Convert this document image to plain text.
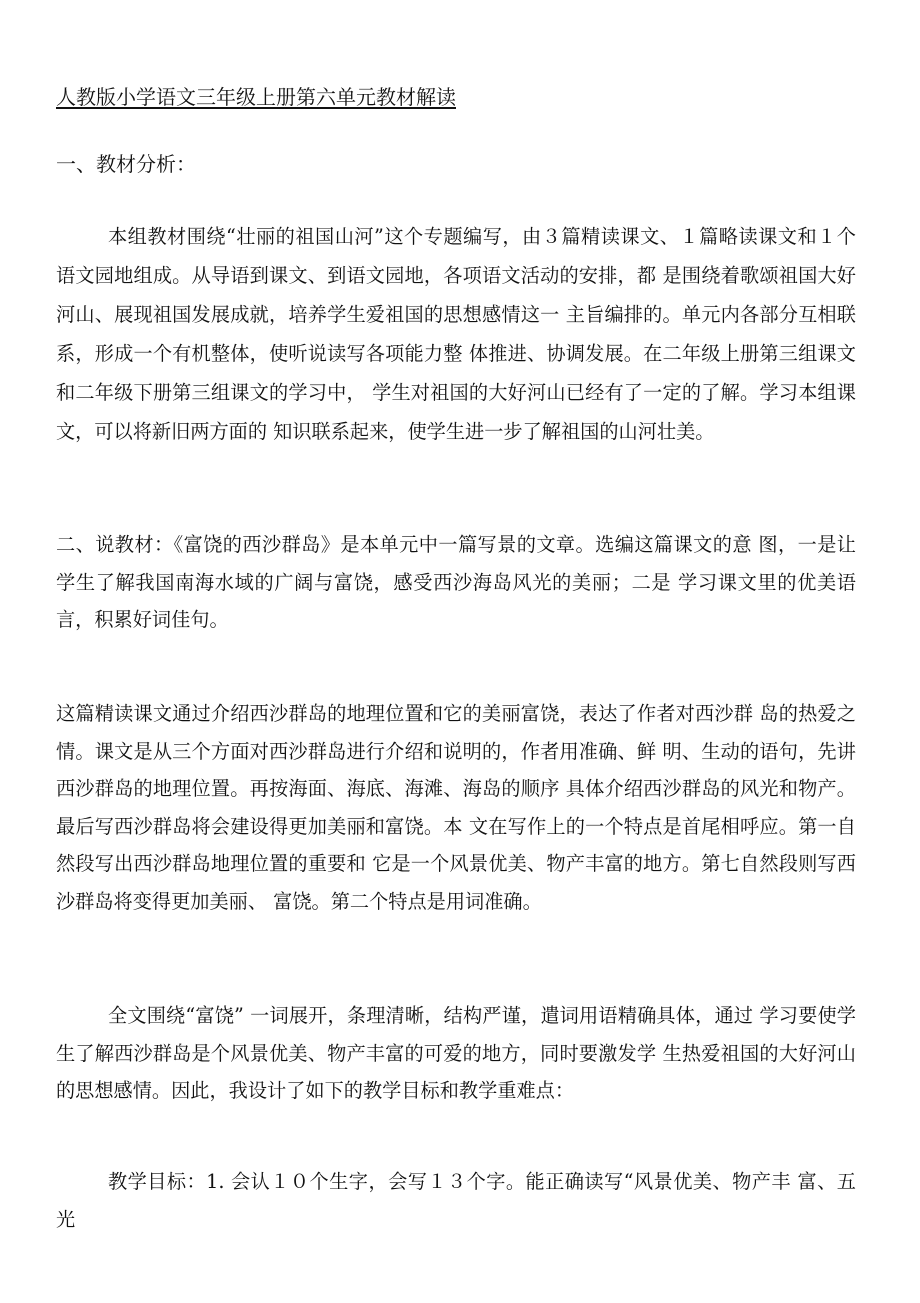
人教版小学语文三年级上册第六单元教材解读
一、教材分析：

本组教材围绕“壮丽的祖国山河”这个专题编写，由３篇精读课文、１篇略读课文和１个语文园地组成。从导语到课文、到语文园地，各项语文活动的安排，都 是围绕着歌颂祖国大好河山、展现祖国发展成就，培养学生爱祖国的思想感情这一 主旨编排的。单元内各部分互相联系，形成一个有机整体，使听说读写各项能力整 体推进、协调发展。在二年级上册第三组课文和二年级下册第三组课文的学习中， 学生对祖国的大好河山已经有了一定的了解。学习本组课文，可以将新旧两方面的 知识联系起来，使学生进一步了解祖国的山河壮美。

二、说教材：《富饶的西沙群岛》是本单元中一篇写景的文章。选编这篇课文的意 图，一是让学生了解我国南海水域的广阔与富饶，感受西沙海岛风光的美丽；二是 学习课文里的优美语言，积累好词佳句。

这篇精读课文通过介绍西沙群岛的地理位置和它的美丽富饶，表达了作者对西沙群 岛的热爱之情。课文是从三个方面对西沙群岛进行介绍和说明的，作者用准确、鲜 明、生动的语句，先讲西沙群岛的地理位置。再按海面、海底、海滩、海岛的顺序 具体介绍西沙群岛的风光和物产。最后写西沙群岛将会建设得更加美丽和富饶。本 文在写作上的一个特点是首尾相呼应。第一自然段写出西沙群岛地理位置的重要和 它是一个风景优美、物产丰富的地方。第七自然段则写西沙群岛将变得更加美丽、 富饶。第二个特点是用词准确。

全文围绕“富饶” 一词展开，条理清晰，结构严谨，遣词用语精确具体，通过 学习要使学生了解西沙群岛是个风景优美、物产丰富的可爱的地方，同时要激发学 生热爱祖国的大好河山的思想感情。因此，我设计了如下的教学目标和教学重难点：

教学目标：1. 会认１０个生字，会写１３个字。能正确读写“风景优美、物产丰 富、五光
